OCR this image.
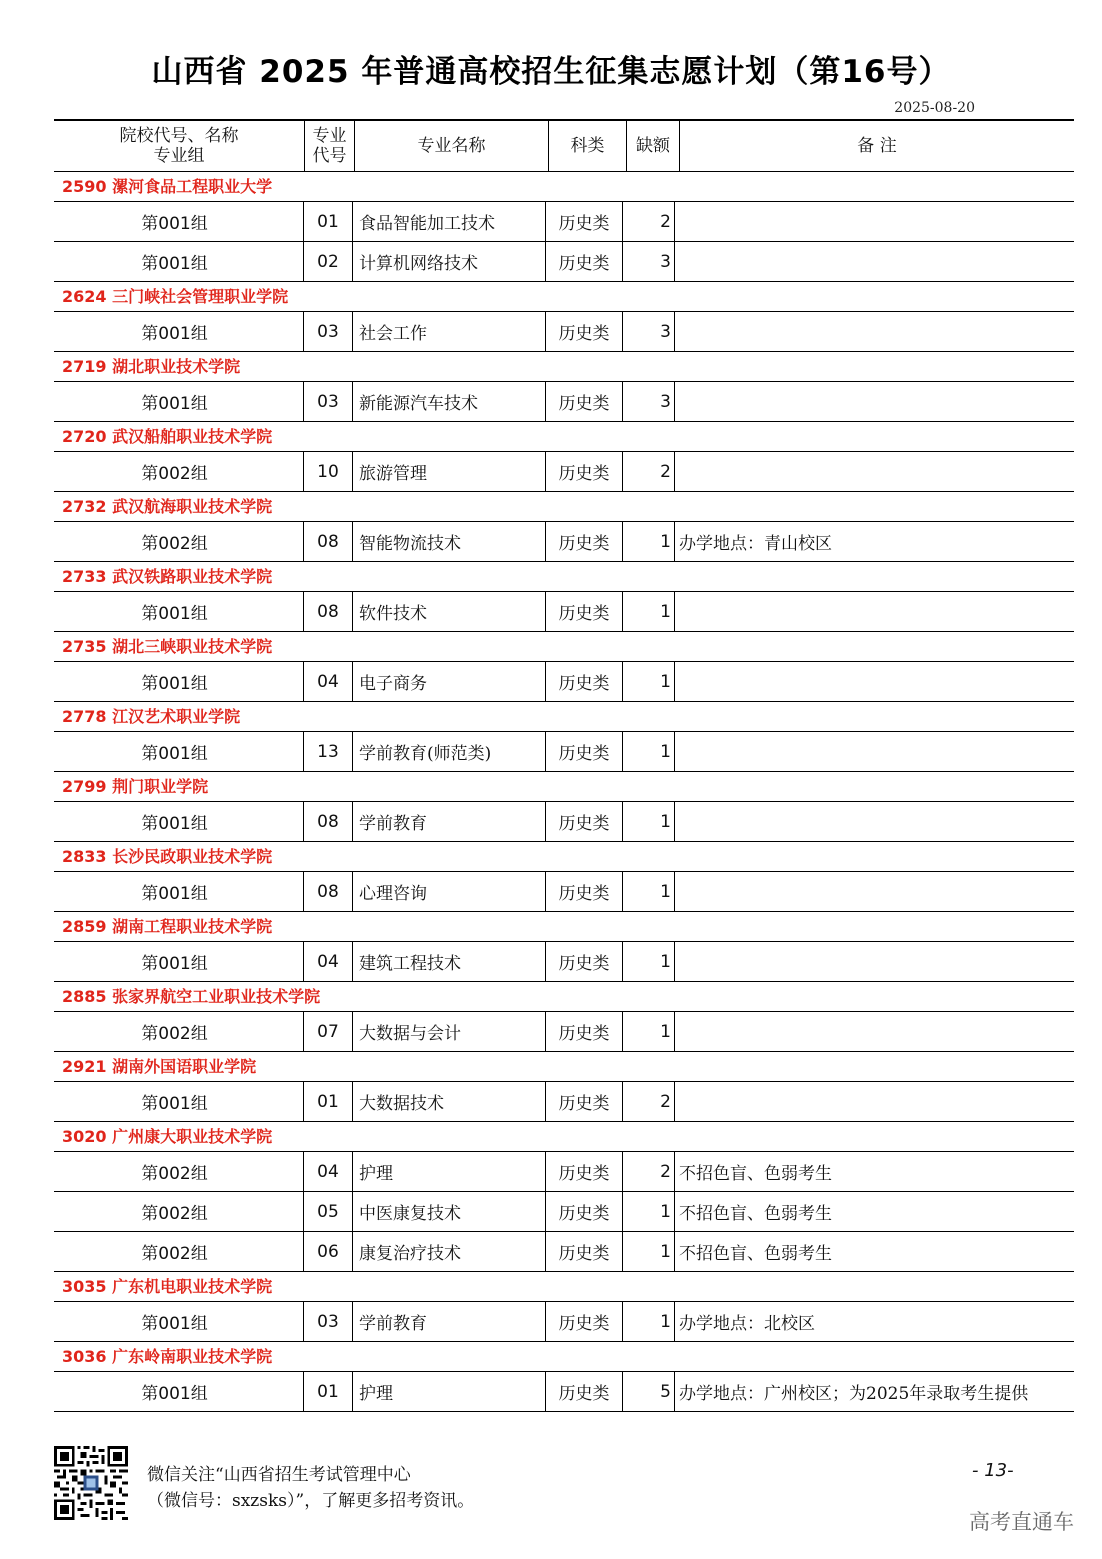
山西省 2025 年普通高校招生征集志愿计划（第16号）
2025-08-20
院校代号、名称
专业组
专业
代号	专业名称	科类	缺额	备 注
2590 漯河食品工程职业大学
第001组	01	食品智能加工技术	历史类	2
第001组	02	计算机网络技术	历史类	3
2624 三门峡社会管理职业学院
第001组	03	社会工作	历史类	3
2719 湖北职业技术学院
第001组	03	新能源汽车技术	历史类	3
2720 武汉船舶职业技术学院
第002组	10	旅游管理	历史类	2
2732 武汉航海职业技术学院
第002组	08	智能物流技术	历史类	1 办学地点：青山校区
2733 武汉铁路职业技术学院
第001组	08	软件技术	历史类	1
2735 湖北三峡职业技术学院
第001组	04	电子商务	历史类	1
2778 江汉艺术职业学院
第001组	13	学前教育(师范类)	历史类	1
2799 荆门职业学院
第001组	08	学前教育	历史类	1
2833 长沙民政职业技术学院
第001组	08	心理咨询	历史类	1
2859 湖南工程职业技术学院
第001组	04	建筑工程技术	历史类	1
2885 张家界航空工业职业技术学院
第002组	07	大数据与会计	历史类	1
2921 湖南外国语职业学院
第001组	01	大数据技术	历史类	2
3020 广州康大职业技术学院
第002组	04	护理	历史类	2 不招色盲、色弱考生
第002组	05	中医康复技术	历史类	1 不招色盲、色弱考生
第002组	06	康复治疗技术	历史类	1 不招色盲、色弱考生
3035 广东机电职业技术学院
第001组	03	学前教育	历史类	1 办学地点：北校区
3036 广东岭南职业技术学院
第001组	01	护理	历史类	5 办学地点：广州校区；为2025年录取考生提供
微信关注“山西省招生考试管理中心
（微信号：sxzsks）”，了解更多招考资讯。
- 13-
高考直通车
